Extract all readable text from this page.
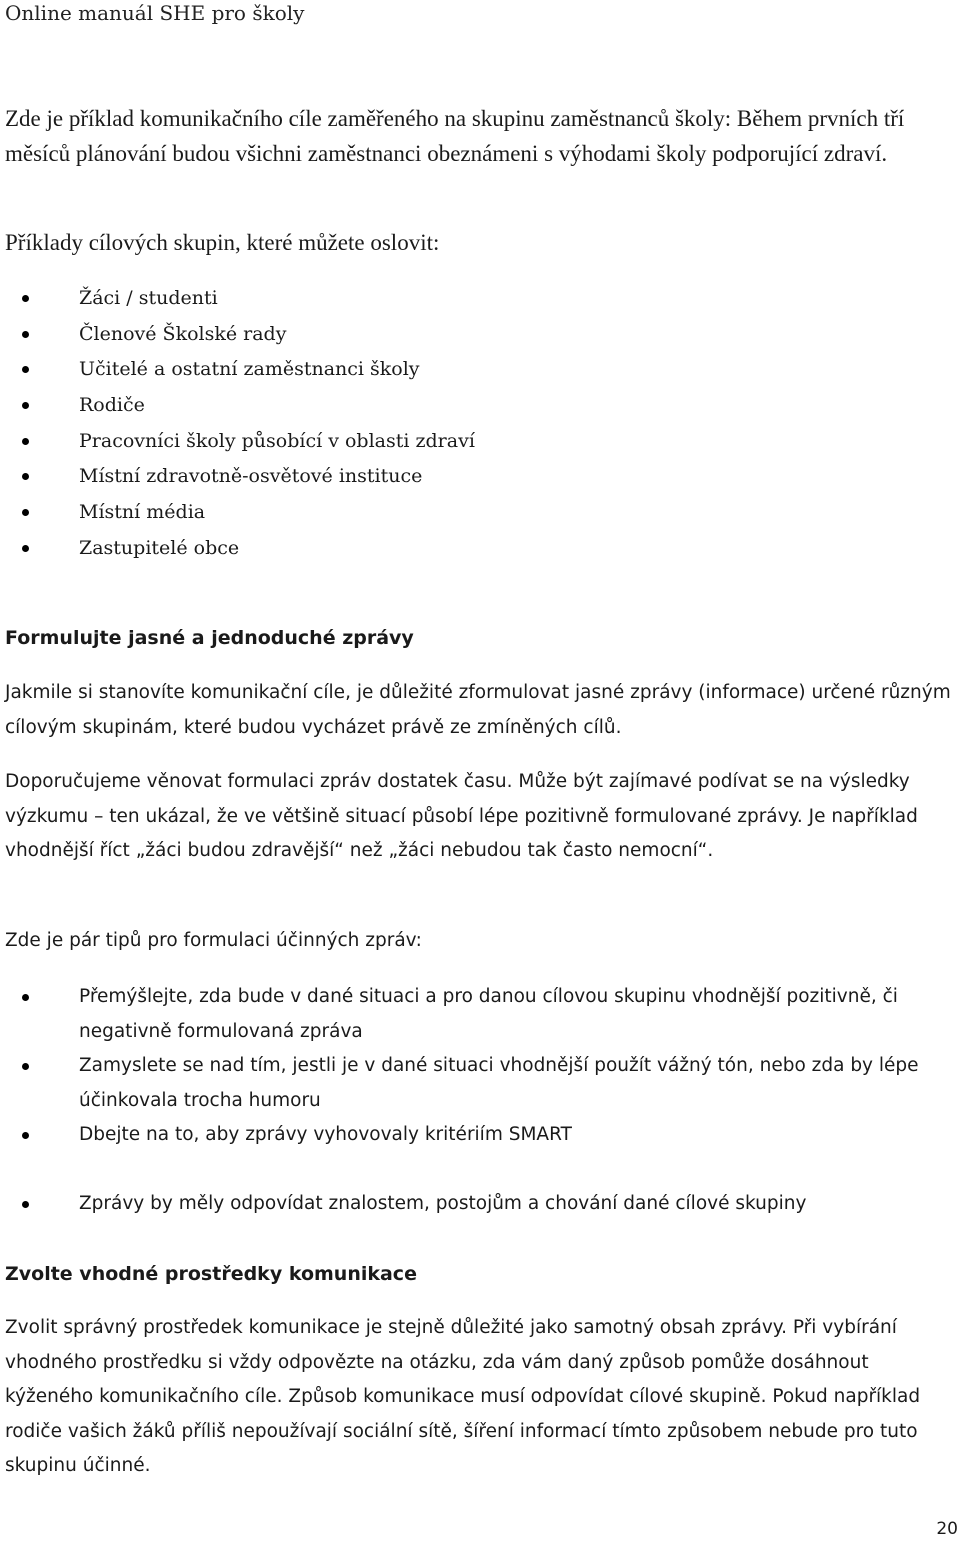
Online manuál SHE pro školy

Zde je příklad komunikačního cíle zaměřeného na skupinu zaměstnanců školy: Během prvních tří měsíců plánování budou všichni zaměstnanci obeznámeni s výhodami školy podporující zdraví.

Příklady cílových skupin, které můžete oslovit:

Žáci / studenti
Členové Školské rady
Učitelé a ostatní zaměstnanci školy
Rodiče
Pracovníci školy působící v oblasti zdraví
Místní zdravotně-osvětové instituce
Místní média
Zastupitelé obce
Formulujte jasné a jednoduché zprávy

Jakmile si stanovíte komunikační cíle, je důležité zformulovat jasné zprávy (informace) určené různým cílovým skupinám, které budou vycházet právě ze zmíněných cílů.

Doporučujeme věnovat formulaci zpráv dostatek času. Může být zajímavé podívat se na výsledky výzkumu – ten ukázal, že ve většině situací působí lépe pozitivně formulované zprávy. Je například vhodnější říct „žáci budou zdravější“ než „žáci nebudou tak často nemocní“.

Zde je pár tipů pro formulaci účinných zpráv:

Přemýšlejte, zda bude v dané situaci a pro danou cílovou skupinu vhodnější pozitivně, či negativně formulovaná zpráva
Zamyslete se nad tím, jestli je v dané situaci vhodnější použít vážný tón, nebo zda by lépe účinkovala trocha humoru
Dbejte na to, aby zprávy vyhovovaly kritériím SMART
Zprávy by měly odpovídat znalostem, postojům a chování dané cílové skupiny
Zvolte vhodné prostředky komunikace

Zvolit správný prostředek komunikace je stejně důležité jako samotný obsah zprávy. Při vybírání vhodného prostředku si vždy odpovězte na otázku, zda vám daný způsob pomůže dosáhnout kýženého komunikačního cíle. Způsob komunikace musí odpovídat cílové skupině. Pokud například rodiče vašich žáků příliš nepoužívají sociální sítě, šíření informací tímto způsobem nebude pro tuto skupinu účinné.

20
